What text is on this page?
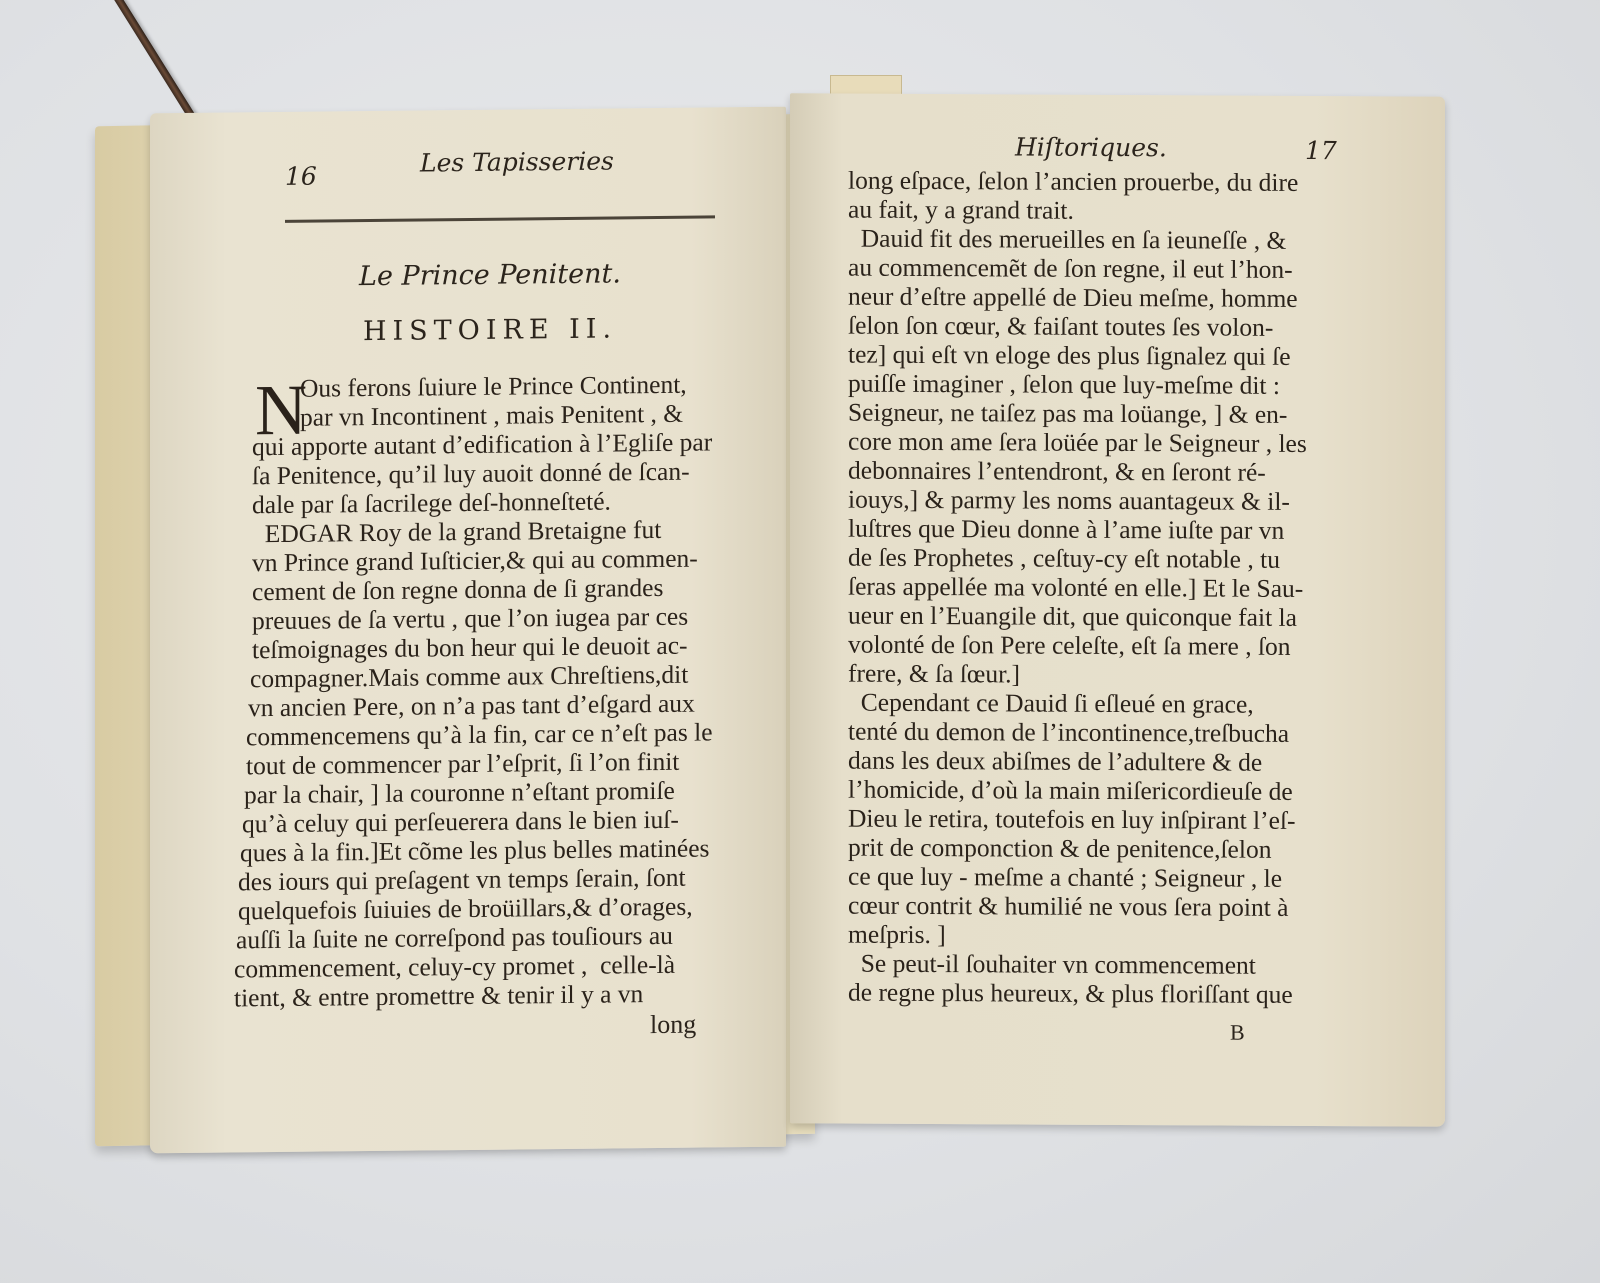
16	Les Tapisseries
Le Prince Penitent.
HISTOIRE II.
N
Ous ferons ſuiure le Prince Continent,
par vn Incontinent , mais Penitent , &
qui apporte autant d’edification à l’Egliſe par
ſa Penitence, qu’il luy auoit donné de ſcan-
dale par ſa ſacrilege deſ-honneſteté.
EDGAR Roy de la grand Bretaigne fut
vn Prince grand Iuſticier,& qui au commen-
cement de ſon regne donna de ſi grandes
preuues de ſa vertu , que l’on iugea par ces
teſmoignages du bon heur qui le deuoit ac-
compagner.Mais comme aux Chreſtiens,dit
vn ancien Pere, on n’a pas tant d’eſgard aux
commencemens qu’à la fin, car ce n’eſt pas le
tout de commencer par l’eſprit, ſi l’on finit
par la chair, ] la couronne n’eſtant promiſe
qu’à celuy qui perſeuerera dans le bien iuſ-
ques à la fin.]Et cõme les plus belles matinées
des iours qui preſagent vn temps ſerain, ſont
quelquefois ſuiuies de broüillars,& d’orages,
auſſi la ſuite ne correſpond pas touſiours au
commencement, celuy-cy promet ,  celle-là
tient, & entre promettre & tenir il y a vn
long
Hiſtoriques.	17
long eſpace, ſelon l’ancien prouerbe, du dire
au fait, y a grand trait.
Dauid fit des merueilles en ſa ieuneſſe , &
au commencemẽt de ſon regne, il eut l’hon-
neur d’eſtre appellé de Dieu meſme, homme
ſelon ſon cœur, & faiſant toutes ſes volon-
tez] qui eſt vn eloge des plus ſignalez qui ſe
puiſſe imaginer , ſelon que luy-meſme dit :
Seigneur, ne taiſez pas ma loüange, ] & en-
core mon ame ſera loüée par le Seigneur , les
debonnaires l’entendront, & en ſeront ré-
iouys,] & parmy les noms auantageux & il-
luſtres que Dieu donne à l’ame iuſte par vn
de ſes Prophetes , ceſtuy-cy eſt notable , tu
ſeras appellée ma volonté en elle.] Et le Sau-
ueur en l’Euangile dit, que quiconque fait la
volonté de ſon Pere celeſte, eſt ſa mere , ſon
frere, & ſa ſœur.]
Cependant ce Dauid ſi eſleué en grace,
tenté du demon de l’incontinence,treſbucha
dans les deux abiſmes de l’adultere & de
l’homicide, d’où la main miſericordieuſe de
Dieu le retira, toutefois en luy inſpirant l’eſ-
prit de componction & de penitence,ſelon
ce que luy - meſme a chanté ; Seigneur , le
cœur contrit & humilié ne vous ſera point à
meſpris. ]
Se peut-il ſouhaiter vn commencement
de regne plus heureux, & plus floriſſant que
B
